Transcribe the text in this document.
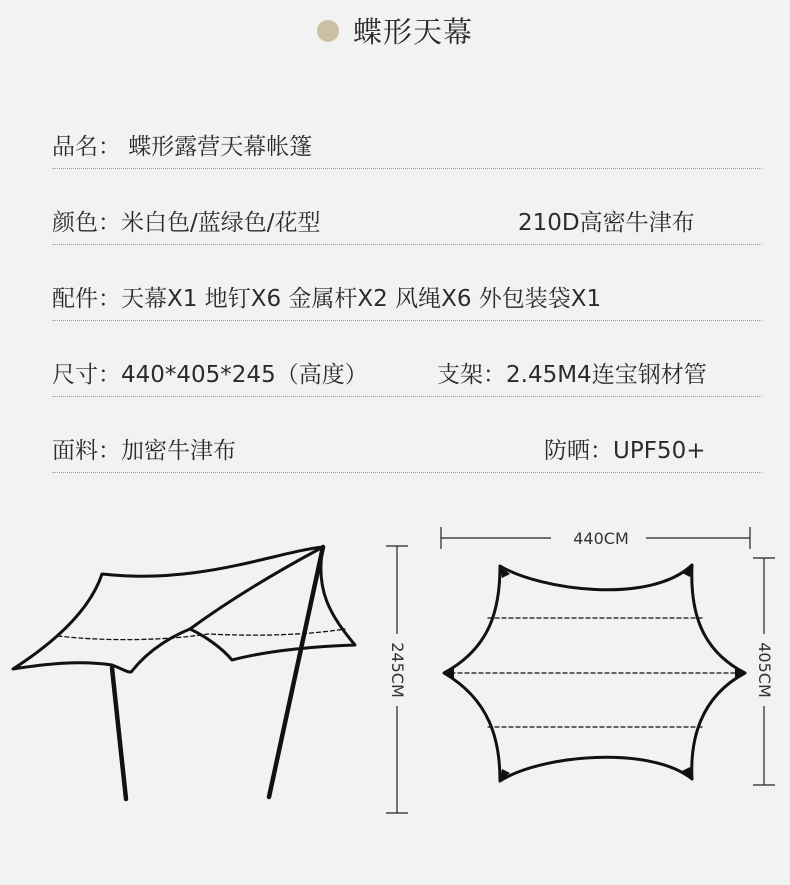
蝶形天幕
品名： 蝶形露营天幕帐篷
颜色：米白色/蓝绿色/花型	210D高密牛津布
配件：天幕X1 地钉X6 金属杆X2 风绳X6 外包装袋X1
尺寸：440*405*245（高度）	支架：2.45M4连宝钢材管
面料：加密牛津布	防晒：UPF50+
245CM
440CM
405CM
